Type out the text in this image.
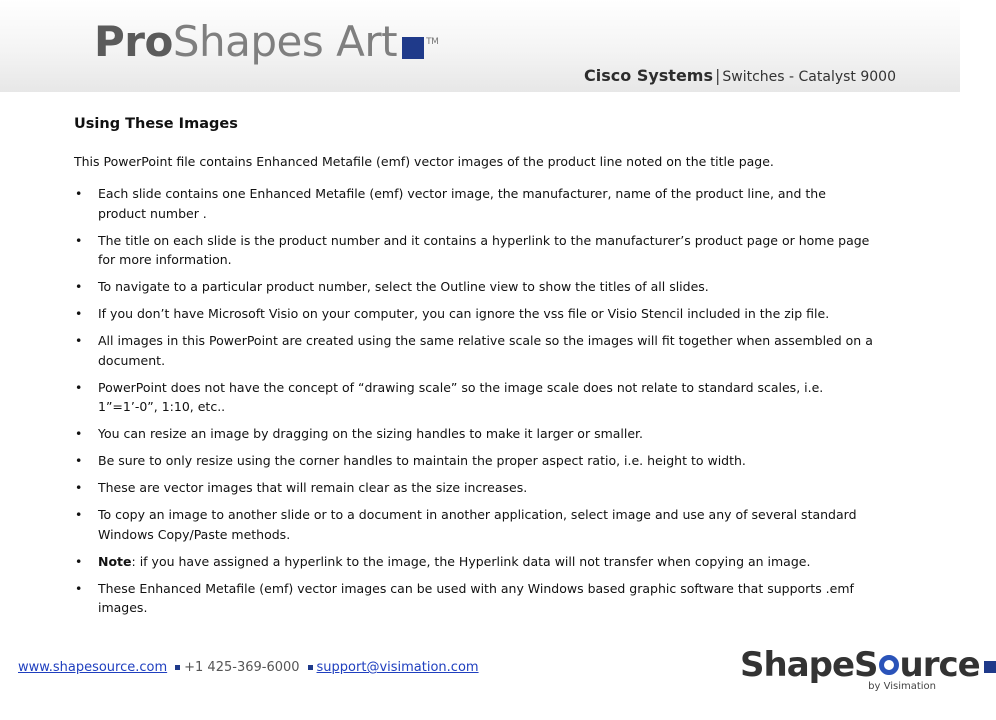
Pro Shapes Art	TM
Cisco Systems | Switches - Catalyst 9000
Using These Images
This PowerPoint file contains Enhanced Metafile (emf) vector images of the product line noted on the title page.
• Each slide contains one Enhanced Metafile (emf) vector image, the manufacturer, name of the product line, and the product number .
• The title on each slide is the product number and it contains a hyperlink to the manufacturer’s product page or home page for more information.
• To navigate to a particular product number, select the Outline view to show the titles of all slides.
• If you don’t have Microsoft Visio on your computer, you can ignore the vss file or Visio Stencil included in the zip file.
• All images in this PowerPoint are created using the same relative scale so the images will fit together when assembled on a document.
• PowerPoint does not have the concept of “drawing scale” so the image scale does not relate to standard scales, i.e. 1”=1’-0”, 1:10, etc..
• You can resize an image by dragging on the sizing handles to make it larger or smaller.
• Be sure to only resize using the corner handles to maintain the proper aspect ratio, i.e. height to width.
• These are vector images that will remain clear as the size increases.
• To copy an image to another slide or to a document in another application, select image and use any of several standard Windows Copy/Paste methods.
• Note: if you have assigned a hyperlink to the image, the Hyperlink data will not transfer when copying an image.
• These Enhanced Metafile (emf) vector images can be used with any Windows based graphic software that supports .emf images.
www.shapesource.com +1 425-369-6000 support@visimation.com	ShapeS urce
by Visimation
